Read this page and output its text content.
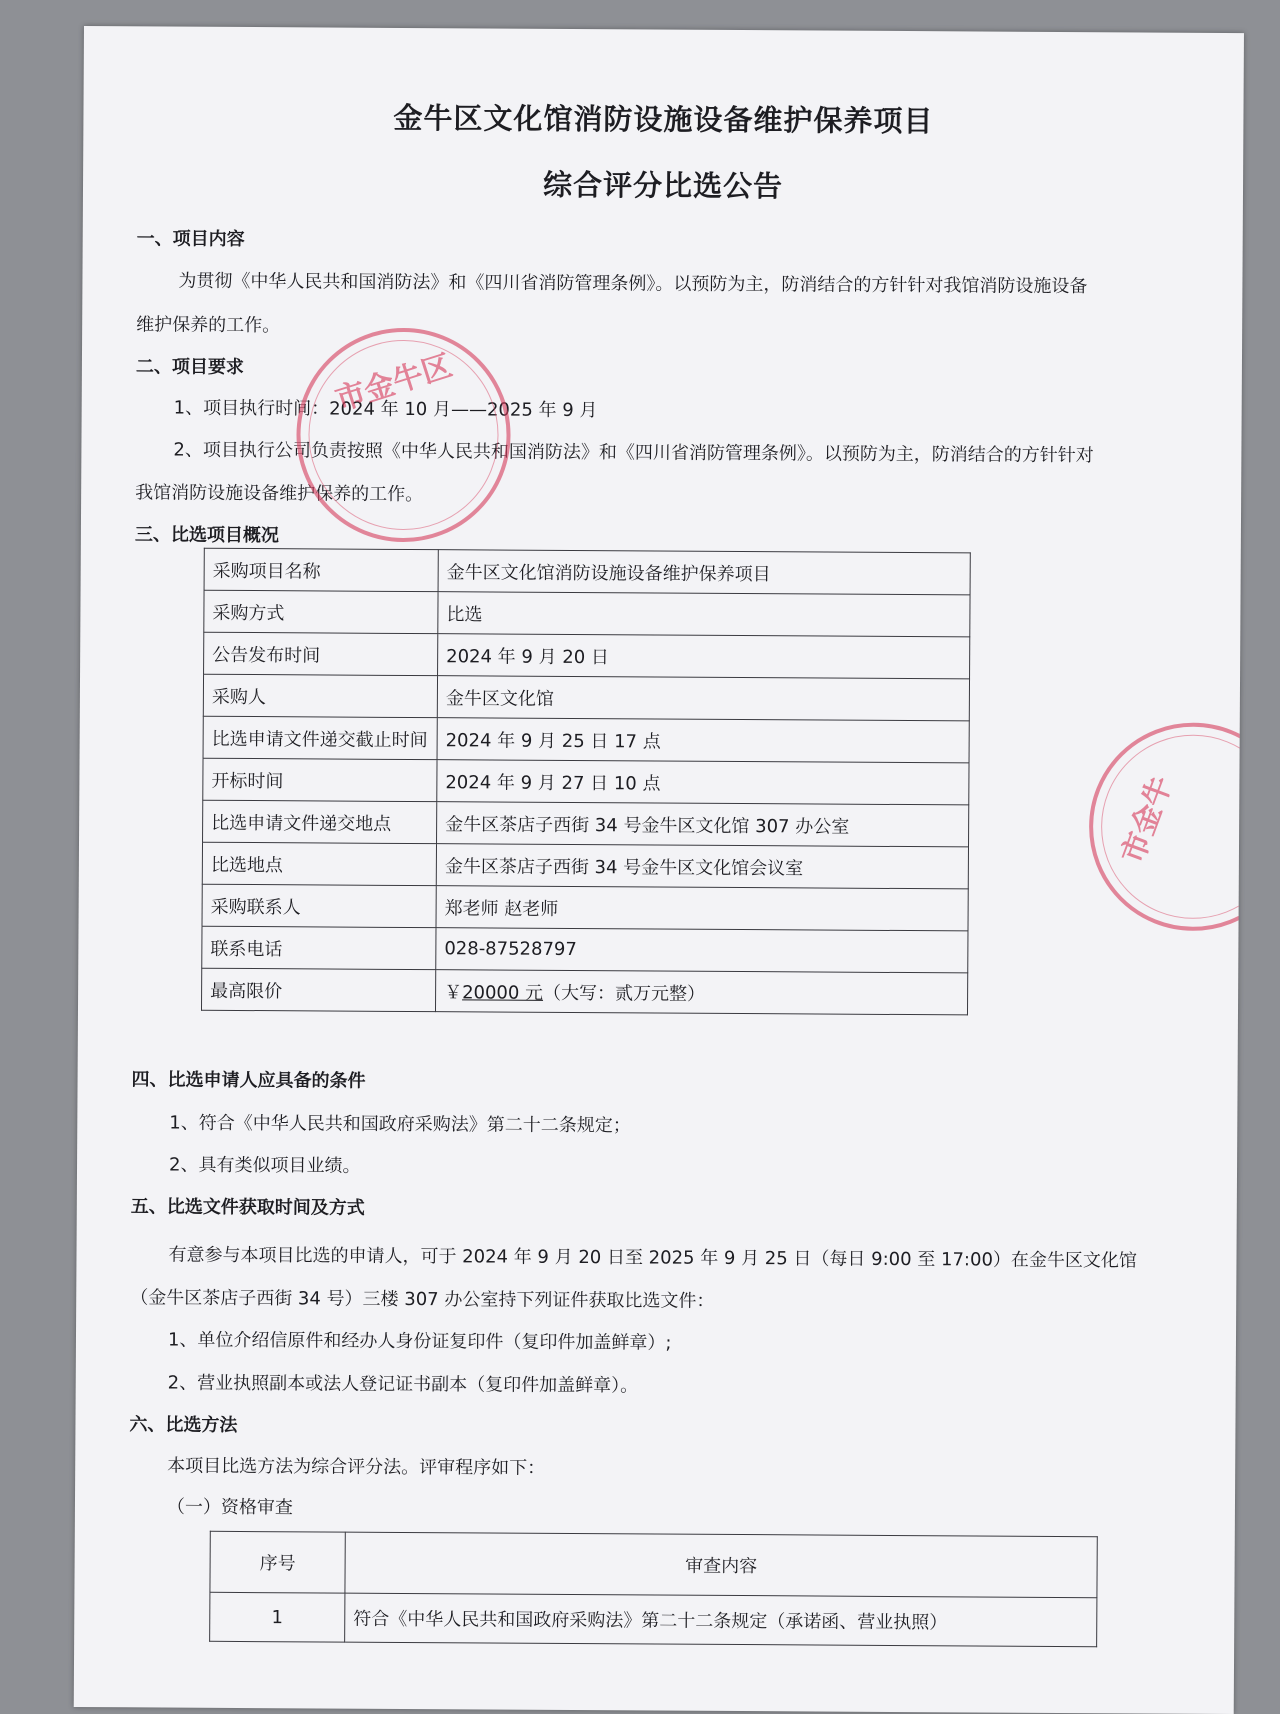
金牛区文化馆消防设施设备维护保养项目
综合评分比选公告

一、项目内容

为贯彻《中华人民共和国消防法》和《四川省消防管理条例》。以预防为主，防消结合的方针针对我馆消防设施设备

维护保养的工作。

二、项目要求

1、项目执行时间：2024 年 10 月——2025 年 9 月

2、项目执行公司负责按照《中华人民共和国消防法》和《四川省消防管理条例》。以预防为主，防消结合的方针针对

我馆消防设施设备维护保养的工作。

三、比选项目概况

采购项目名称	金牛区文化馆消防设施设备维护保养项目
采购方式	比选
公告发布时间	2024 年 9 月 20 日
采购人	金牛区文化馆
比选申请文件递交截止时间	2024 年 9 月 25 日 17 点
开标时间	2024 年 9 月 27 日 10 点
比选申请文件递交地点	金牛区茶店子西街 34 号金牛区文化馆 307 办公室
比选地点	金牛区茶店子西街 34 号金牛区文化馆会议室
采购联系人	郑老师 赵老师
联系电话	028-87528797
最高限价	￥20000 元（大写：贰万元整）

四、比选申请人应具备的条件

1、符合《中华人民共和国政府采购法》第二十二条规定；

2、具有类似项目业绩。

五、比选文件获取时间及方式

有意参与本项目比选的申请人，可于 2024 年 9 月 20 日至 2025 年 9 月 25 日（每日 9:00 至 17:00）在金牛区文化馆

（金牛区茶店子西街 34 号）三楼 307 办公室持下列证件获取比选文件：

1、单位介绍信原件和经办人身份证复印件（复印件加盖鲜章）;

2、营业执照副本或法人登记证书副本（复印件加盖鲜章）。

六、比选方法

本项目比选方法为综合评分法。评审程序如下：

（一）资格审查

序号	审查内容
1	符合《中华人民共和国政府采购法》第二十二条规定（承诺函、营业执照）
市金牛区
市金牛
